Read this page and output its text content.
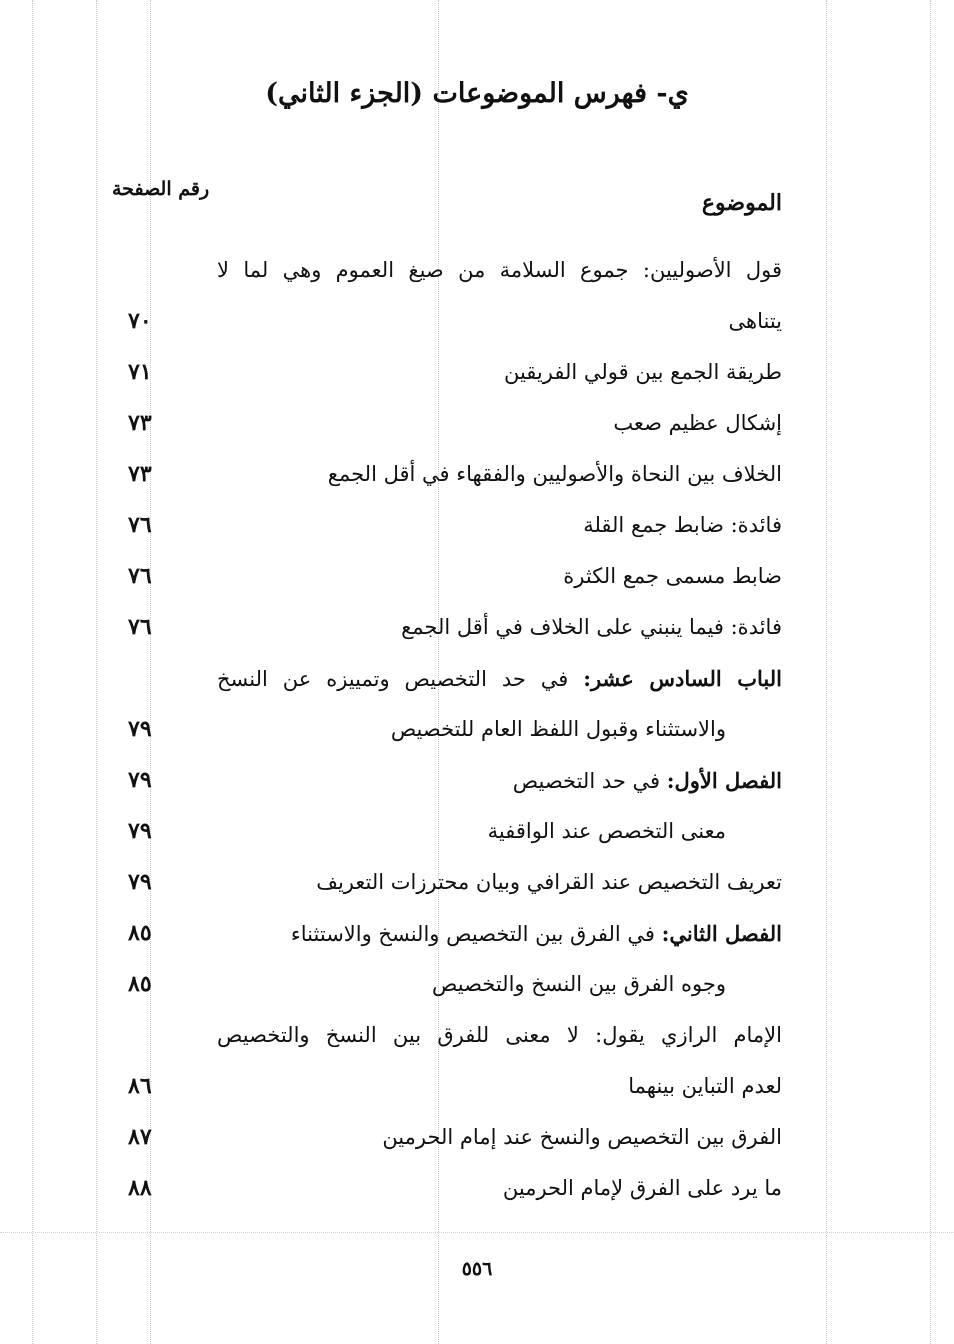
ي- فهرس الموضوعات (الجزء الثاني)
الموضوع
رقم الصفحة
قول الأصوليين: جموع السلامة من صيغ العموم وهي لما لا
يتناهى
٧٠
طريقة الجمع بين قولي الفريقين
٧١
إشكال عظيم صعب
٧٣
الخلاف بين النحاة والأصوليين والفقهاء في أقل الجمع
٧٣
فائدة: ضابط جمع القلة
٧٦
ضابط مسمى جمع الكثرة
٧٦
فائدة: فيما ينبني على الخلاف في أقل الجمع
٧٦
الباب السادس عشر: في حد التخصيص وتمييزه عن النسخ
والاستثناء وقبول اللفظ العام للتخصيص
٧٩
الفصل الأول: في حد التخصيص
٧٩
معنى التخصص عند الواقفية
٧٩
تعريف التخصيص عند القرافي وبيان محترزات التعريف
٧٩
الفصل الثاني: في الفرق بين التخصيص والنسخ والاستثناء
٨٥
وجوه الفرق بين النسخ والتخصيص
٨٥
الإمام الرازي يقول: لا معنى للفرق بين النسخ والتخصيص
لعدم التباين بينهما
٨٦
الفرق بين التخصيص والنسخ عند إمام الحرمين
٨٧
ما يرد على الفرق لإمام الحرمين
٨٨
٥٥٦
